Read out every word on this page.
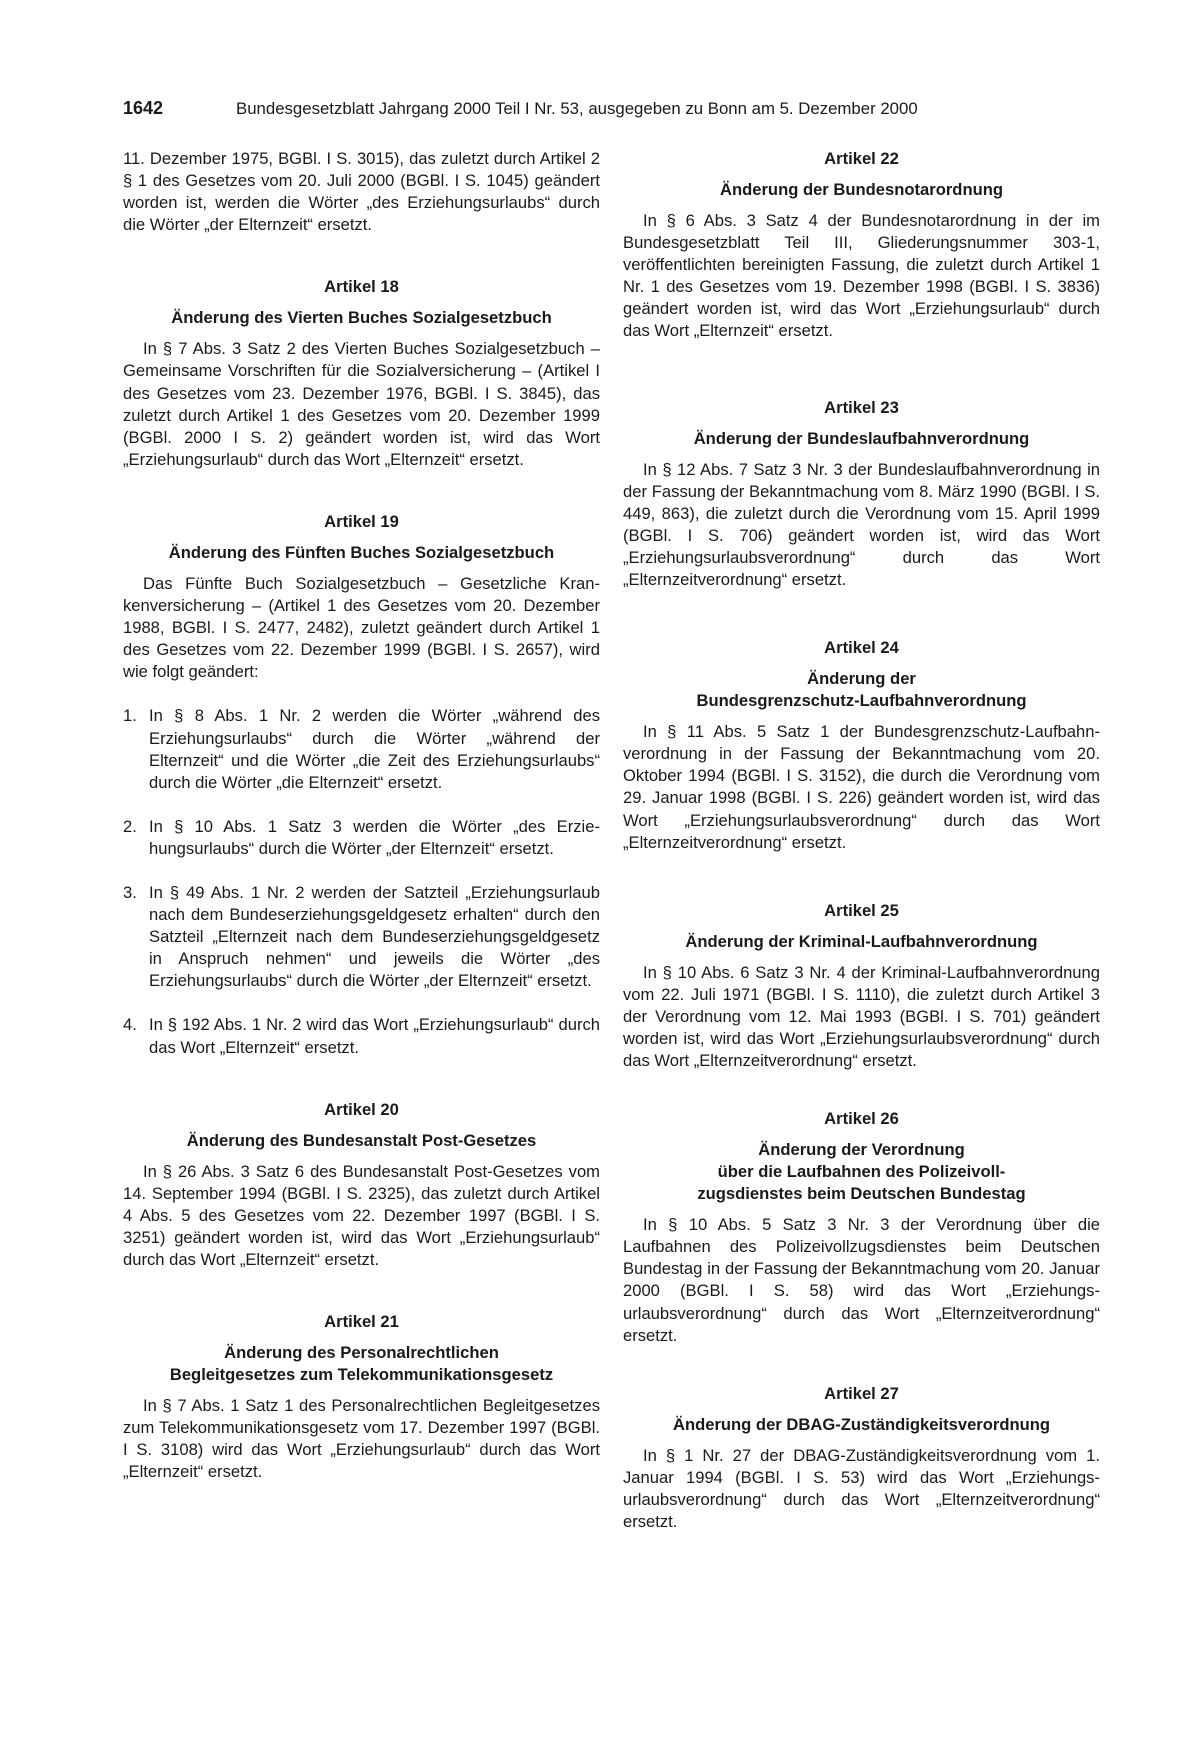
1642	Bundesgesetzblatt Jahrgang 2000 Teil I Nr. 53, ausgegeben zu Bonn am 5. Dezember 2000

11. Dezember 1975, BGBl. I S. 3015), das zuletzt durch Artikel 2 § 1 des Gesetzes vom 20. Juli 2000 (BGBl. I S. 1045) geändert worden ist, werden die Wörter „des Erziehungsurlaubs“ durch die Wörter „der Elternzeit“ ersetzt.

Artikel 18
Änderung des Vierten Buches Sozialgesetzbuch

In § 7 Abs. 3 Satz 2 des Vierten Buches Sozialgesetzbuch – Gemeinsame Vorschriften für die Sozialversicherung – (Artikel I des Gesetzes vom 23. Dezember 1976, BGBl. I S. 3845), das zuletzt durch Artikel 1 des Gesetzes vom 20. Dezember 1999 (BGBl. 2000 I S. 2) geändert worden ist, wird das Wort „Erziehungsurlaub“ durch das Wort „Elternzeit“ ersetzt.

Artikel 19
Änderung des Fünften Buches Sozialgesetzbuch

Das Fünfte Buch Sozialgesetzbuch – Gesetzliche Krankenversicherung – (Artikel 1 des Gesetzes vom 20. Dezember 1988, BGBl. I S. 2477, 2482), zuletzt geändert durch Artikel 1 des Gesetzes vom 22. Dezember 1999 (BGBl. I S. 2657), wird wie folgt geändert:

1. In § 8 Abs. 1 Nr. 2 werden die Wörter „während des Erziehungsurlaubs“ durch die Wörter „während der Elternzeit“ und die Wörter „die Zeit des Erziehungsurlaubs“ durch die Wörter „die Elternzeit“ ersetzt.
2. In § 10 Abs. 1 Satz 3 werden die Wörter „des Erziehungsurlaubs“ durch die Wörter „der Elternzeit“ ersetzt.
3. In § 49 Abs. 1 Nr. 2 werden der Satzteil „Erziehungsurlaub nach dem Bundeserziehungsgeldgesetz erhalten“ durch den Satzteil „Elternzeit nach dem Bundeserziehungsgeldgesetz in Anspruch nehmen“ und jeweils die Wörter „des Erziehungsurlaubs“ durch die Wörter „der Elternzeit“ ersetzt.
4. In § 192 Abs. 1 Nr. 2 wird das Wort „Erziehungsurlaub“ durch das Wort „Elternzeit“ ersetzt.
Artikel 20
Änderung des Bundesanstalt Post-Gesetzes

In § 26 Abs. 3 Satz 6 des Bundesanstalt Post-Gesetzes vom 14. September 1994 (BGBl. I S. 2325), das zuletzt durch Artikel 4 Abs. 5 des Gesetzes vom 22. Dezember 1997 (BGBl. I S. 3251) geändert worden ist, wird das Wort „Erziehungsurlaub“ durch das Wort „Elternzeit“ ersetzt.

Artikel 21
Änderung des Personalrechtlichen
Begleitgesetzes zum Telekommunikationsgesetz

In § 7 Abs. 1 Satz 1 des Personalrechtlichen Begleitgesetzes zum Telekommunikationsgesetz vom 17. Dezember 1997 (BGBl. I S. 3108) wird das Wort „Erziehungsurlaub“ durch das Wort „Elternzeit“ ersetzt.

Artikel 22
Änderung der Bundesnotarordnung

In § 6 Abs. 3 Satz 4 der Bundesnotarordnung in der im Bundesgesetzblatt Teil III, Gliederungsnummer 303-1, veröffentlichten bereinigten Fassung, die zuletzt durch Artikel 1 Nr. 1 des Gesetzes vom 19. Dezember 1998 (BGBl. I S. 3836) geändert worden ist, wird das Wort „Erziehungsurlaub“ durch das Wort „Elternzeit“ ersetzt.

Artikel 23
Änderung der Bundeslaufbahnverordnung

In § 12 Abs. 7 Satz 3 Nr. 3 der Bundeslaufbahnverordnung in der Fassung der Bekanntmachung vom 8. März 1990 (BGBl. I S. 449, 863), die zuletzt durch die Verordnung vom 15. April 1999 (BGBl. I S. 706) geändert worden ist, wird das Wort „Erziehungsurlaubsverordnung“ durch das Wort „Elternzeitverordnung“ ersetzt.

Artikel 24
Änderung der
Bundesgrenzschutz-Laufbahnverordnung

In § 11 Abs. 5 Satz 1 der Bundesgrenzschutz-Laufbahnverordnung in der Fassung der Bekanntmachung vom 20. Oktober 1994 (BGBl. I S. 3152), die durch die Verordnung vom 29. Januar 1998 (BGBl. I S. 226) geändert worden ist, wird das Wort „Erziehungsurlaubsverordnung“ durch das Wort „Elternzeitverordnung“ ersetzt.

Artikel 25
Änderung der Kriminal-Laufbahnverordnung

In § 10 Abs. 6 Satz 3 Nr. 4 der Kriminal-Laufbahnverordnung vom 22. Juli 1971 (BGBl. I S. 1110), die zuletzt durch Artikel 3 der Verordnung vom 12. Mai 1993 (BGBl. I S. 701) geändert worden ist, wird das Wort „Erziehungsurlaubsverordnung“ durch das Wort „Elternzeitverordnung“ ersetzt.

Artikel 26
Änderung der Verordnung
über die Laufbahnen des Polizeivoll-
zugsdienstes beim Deutschen Bundestag

In § 10 Abs. 5 Satz 3 Nr. 3 der Verordnung über die Laufbahnen des Polizeivollzugsdienstes beim Deutschen Bundestag in der Fassung der Bekanntmachung vom 20. Januar 2000 (BGBl. I S. 58) wird das Wort „Erziehungsurlaubsverordnung“ durch das Wort „Elternzeitverordnung“ ersetzt.

Artikel 27
Änderung der DBAG-Zuständigkeitsverordnung

In § 1 Nr. 27 der DBAG-Zuständigkeitsverordnung vom 1. Januar 1994 (BGBl. I S. 53) wird das Wort „Erziehungsurlaubsverordnung“ durch das Wort „Elternzeitverordnung“ ersetzt.
